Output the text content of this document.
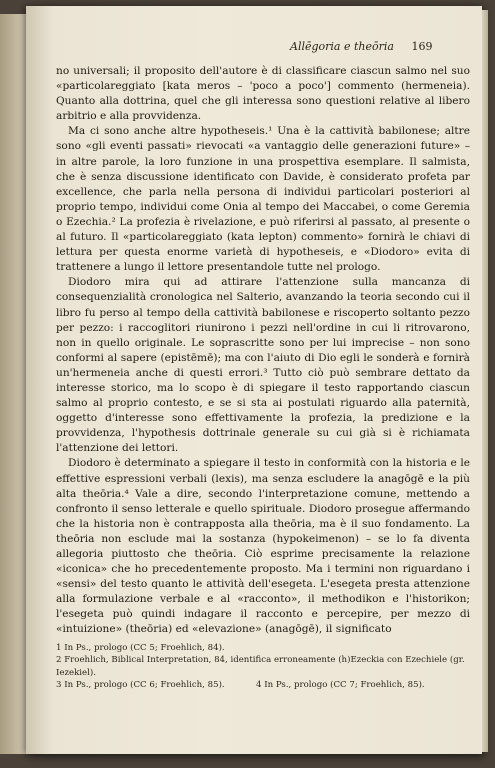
Allēgoria e theōria 169

no universali; il proposito dell'autore è di classificare ciascun salmo nel suo «particolareggiato [kata meros – 'poco a poco'] commento (hermeneia). Quanto alla dottrina, quel che gli interessa sono questioni relative al libero arbitrio e alla provvidenza.

Ma ci sono anche altre hypotheseis.¹ Una è la cattività babilonese; altre sono «gli eventi passati» rievocati «a vantaggio delle generazioni future» – in altre parole, la loro funzione in una prospettiva esemplare. Il salmista, che è senza discussione identificato con Davide, è considerato profeta par excellence, che parla nella persona di individui particolari posteriori al proprio tempo, individui come Onia al tempo dei Maccabei, o come Geremia o Ezechia.² La profezia è rivelazione, e può riferirsi al passato, al presente o al futuro. Il «particolareggiato (kata lepton) commento» fornirà le chiavi di lettura per questa enorme varietà di hypotheseis, e «Diodoro» evita di trattenere a lungo il lettore presentandole tutte nel prologo.

Diodoro mira qui ad attirare l'attenzione sulla mancanza di consequenzialità cronologica nel Salterio, avanzando la teoria secondo cui il libro fu perso al tempo della cattività babilonese e riscoperto soltanto pezzo per pezzo: i raccoglitori riunirono i pezzi nell'ordine in cui li ritrovarono, non in quello originale. Le soprascritte sono per lui imprecise – non sono conformi al sapere (epistēmē); ma con l'aiuto di Dio egli le sonderà e fornirà un'hermeneia anche di questi errori.³ Tutto ciò può sembrare dettato da interesse storico, ma lo scopo è di spiegare il testo rapportando ciascun salmo al proprio contesto, e se si sta ai postulati riguardo alla paternità, oggetto d'interesse sono effettivamente la profezia, la predizione e la provvidenza, l'hypothesis dottrinale generale su cui già si è richiamata l'attenzione dei lettori.

Diodoro è determinato a spiegare il testo in conformità con la historia e le effettive espressioni verbali (lexis), ma senza escludere la anagōgē e la più alta theōria.⁴ Vale a dire, secondo l'interpretazione comune, mettendo a confronto il senso letterale e quello spirituale. Diodoro prosegue affermando che la historia non è contrapposta alla theōria, ma è il suo fondamento. La theōria non esclude mai la sostanza (hypokeimenon) – se lo fa diventa allegoria piuttosto che theōria. Ciò esprime precisamente la relazione «iconica» che ho precedentemente proposto. Ma i termini non riguardano i «sensi» del testo quanto le attività dell'esegeta. L'esegeta presta attenzione alla formulazione verbale e al «racconto», il methodikon e l'historikon; l'esegeta può quindi indagare il racconto e percepire, per mezzo di «intuizione» (theōria) ed «elevazione» (anagōgē), il significato

1 In Ps., prologo (CC 5; Froehlich, 84).

2 Froehlich, Biblical Interpretation, 84, identifica erroneamente (h)Ezeckia con Ezechiele (gr. Iezekiel).

3 In Ps., prologo (CC 6; Froehlich, 85).	4 In Ps., prologo (CC 7; Froehlich, 85).
